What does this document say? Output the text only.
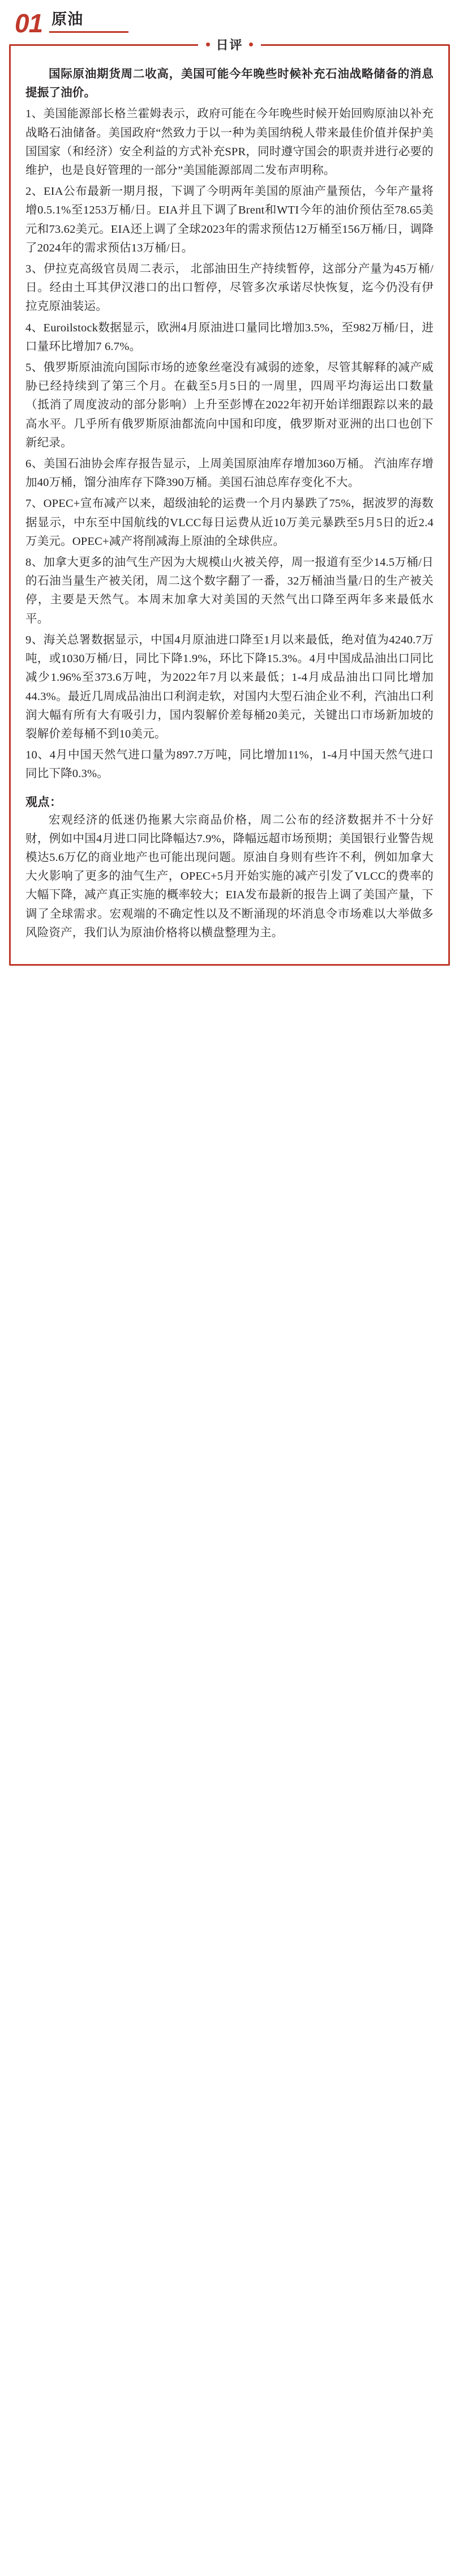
01 原油
日评

国际原油期货周二收高，美国可能今年晚些时候补充石油战略储备的消息提振了油价。

1、美国能源部长格兰霍姆表示，政府可能在今年晚些时候开始回购原油以补充战略石油储备。美国政府“然致力于以一种为美国纳税人带来最佳价值并保护美国国家（和经济）安全利益的方式补充SPR，同时遵守国会的职责并进行必要的维护，也是良好管理的一部分”美国能源部周二发布声明称。

2、EIA公布最新一期月报，下调了今明两年美国的原油产量预估，今年产量将增0.5.1%至1253万桶/日。EIA并且下调了Brent和WTI今年的油价预估至78.65美元和73.62美元。EIA还上调了全球2023年的需求预估12万桶至156万桶/日，调降了2024年的需求预估13万桶/日。

3、伊拉克高级官员周二表示， 北部油田生产持续暂停，这部分产量为45万桶/日。经由土耳其伊汉港口的出口暂停，尽管多次承诺尽快恢复，迄今仍没有伊拉克原油装运。

4、Euroilstock数据显示，欧洲4月原油进口量同比增加3.5%，至982万桶/日，进口量环比增加7 6.7%。

5、俄罗斯原油流向国际市场的迹象丝毫没有减弱的迹象，尽管其解释的减产威胁已经持续到了第三个月。在截至5月5日的一周里，四周平均海运出口数量（抵消了周度波动的部分影响）上升至彭博在2022年初开始详细跟踪以来的最高水平。几乎所有俄罗斯原油都流向中国和印度，俄罗斯对亚洲的出口也创下新纪录。

6、美国石油协会库存报告显示，上周美国原油库存增加360万桶。 汽油库存增加40万桶，馏分油库存下降390万桶。美国石油总库存变化不大。

7、OPEC+宣布减产以来，超级油轮的运费一个月内暴跌了75%，据波罗的海数据显示，中东至中国航线的VLCC每日运费从近10万美元暴跌至5月5日的近2.4万美元。OPEC+减产将削减海上原油的全球供应。

8、加拿大更多的油气生产因为大规模山火被关停，周一报道有至少14.5万桶/日的石油当量生产被关闭，周二这个数字翻了一番，32万桶油当量/日的生产被关停，主要是天然气。本周末加拿大对美国的天然气出口降至两年多来最低水平。

9、海关总署数据显示，中国4月原油进口降至1月以来最低，绝对值为4240.7万吨，或1030万桶/日，同比下降1.9%，环比下降15.3%。4月中国成品油出口同比减少1.96%至373.6万吨，为2022年7月以来最低；1-4月成品油出口同比增加44.3%。最近几周成品油出口利润走软，对国内大型石油企业不利，汽油出口利润大幅有所有大有吸引力，国内裂解价差每桶20美元，关键出口市场新加坡的裂解价差每桶不到10美元。

10、4月中国天然气进口量为897.7万吨，同比增加11%，1-4月中国天然气进口同比下降0.3%。

观点：

宏观经济的低迷仍拖累大宗商品价格，周二公布的经济数据并不十分好财，例如中国4月进口同比降幅达7.9%，降幅远超市场预期；美国银行业警告规模达5.6万亿的商业地产也可能出现问题。原油自身则有些许不利，例如加拿大大火影响了更多的油气生产，OPEC+5月开始实施的减产引发了VLCC的费率的大幅下降，减产真正实施的概率较大；EIA发布最新的报告上调了美国产量，下调了全球需求。宏观端的不确定性以及不断涌现的坏消息令市场难以大举做多风险资产，我们认为原油价格将以横盘整理为主。
